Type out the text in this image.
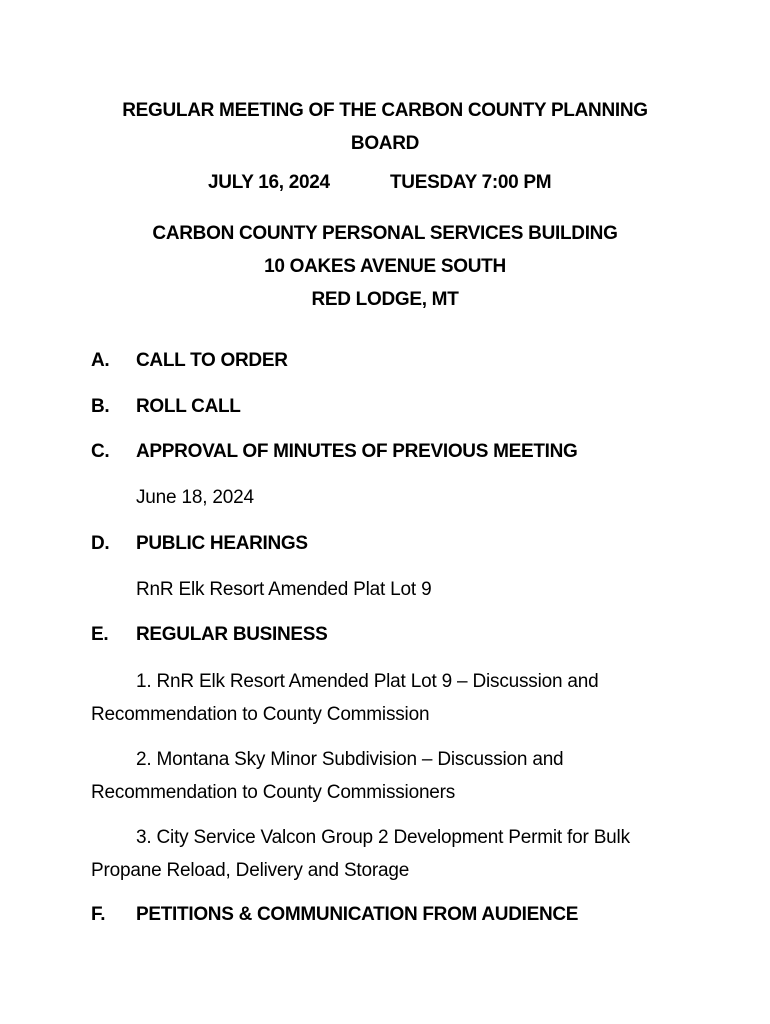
REGULAR MEETING OF THE CARBON COUNTY PLANNING
BOARD
JULY 16, 2024	TUESDAY 7:00 PM
CARBON COUNTY PERSONAL SERVICES BUILDING
10 OAKES AVENUE SOUTH
RED LODGE, MT
A. CALL TO ORDER
B. ROLL CALL
C. APPROVAL OF MINUTES OF PREVIOUS MEETING
June 18, 2024
D. PUBLIC HEARINGS
RnR Elk Resort Amended Plat Lot 9
E. REGULAR BUSINESS
1. RnR Elk Resort Amended Plat Lot 9 – Discussion and Recommendation to County Commission
2. Montana Sky Minor Subdivision – Discussion and Recommendation to County Commissioners
3. City Service Valcon Group 2 Development Permit for Bulk Propane Reload, Delivery and Storage
F. PETITIONS & COMMUNICATION FROM AUDIENCE
